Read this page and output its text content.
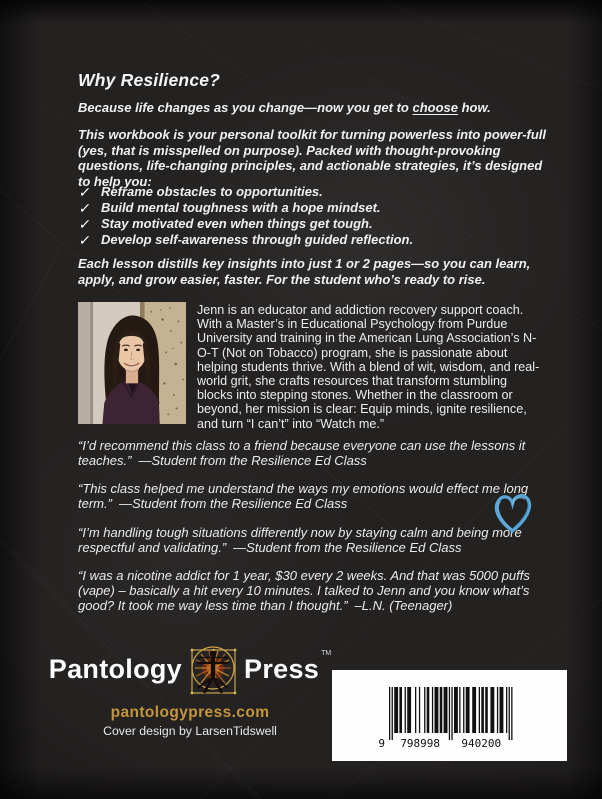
Why Resilience?

Because life changes as you change—now you get to choose how.

This workbook is your personal toolkit for turning powerless into power-full (yes, that is misspelled on purpose). Packed with thought-provoking questions, life-changing principles, and actionable strategies, it’s designed to help you:

✓ Reframe obstacles to opportunities.
✓ Build mental toughness with a hope mindset.
✓ Stay motivated even when things get tough.
✓ Develop self-awareness through guided reflection.

Each lesson distills key insights into just 1 or 2 pages—so you can learn, apply, and grow easier, faster. For the student who’s ready to rise.

Jenn is an educator and addiction recovery support coach. With a Master’s in Educational Psychology from Purdue University and training in the American Lung Association’s N-O-T (Not on Tobacco) program, she is passionate about helping students thrive. With a blend of wit, wisdom, and real-world grit, she crafts resources that transform stumbling blocks into stepping stones. Whether in the classroom or beyond, her mission is clear: Equip minds, ignite resilience, and turn “I can’t” into “Watch me.”

“I’d recommend this class to a friend because everyone can use the lessons it teaches.” —Student from the Resilience Ed Class

“This class helped me understand the ways my emotions would effect me long term.” —Student from the Resilience Ed Class

“I’m handling tough situations differently now by staying calm and being more respectful and validating.” —Student from the Resilience Ed Class

“I was a nicotine addict for 1 year, $30 every 2 weeks. And that was 5000 puffs (vape) – basically a hit every 10 minutes. I talked to Jenn and you know what’s good? It took me way less time than I thought.” –L.N. (Teenager)

Pantology Press ™
pantologypress.com
Cover design by LarsenTidswell
9 798998 940200
